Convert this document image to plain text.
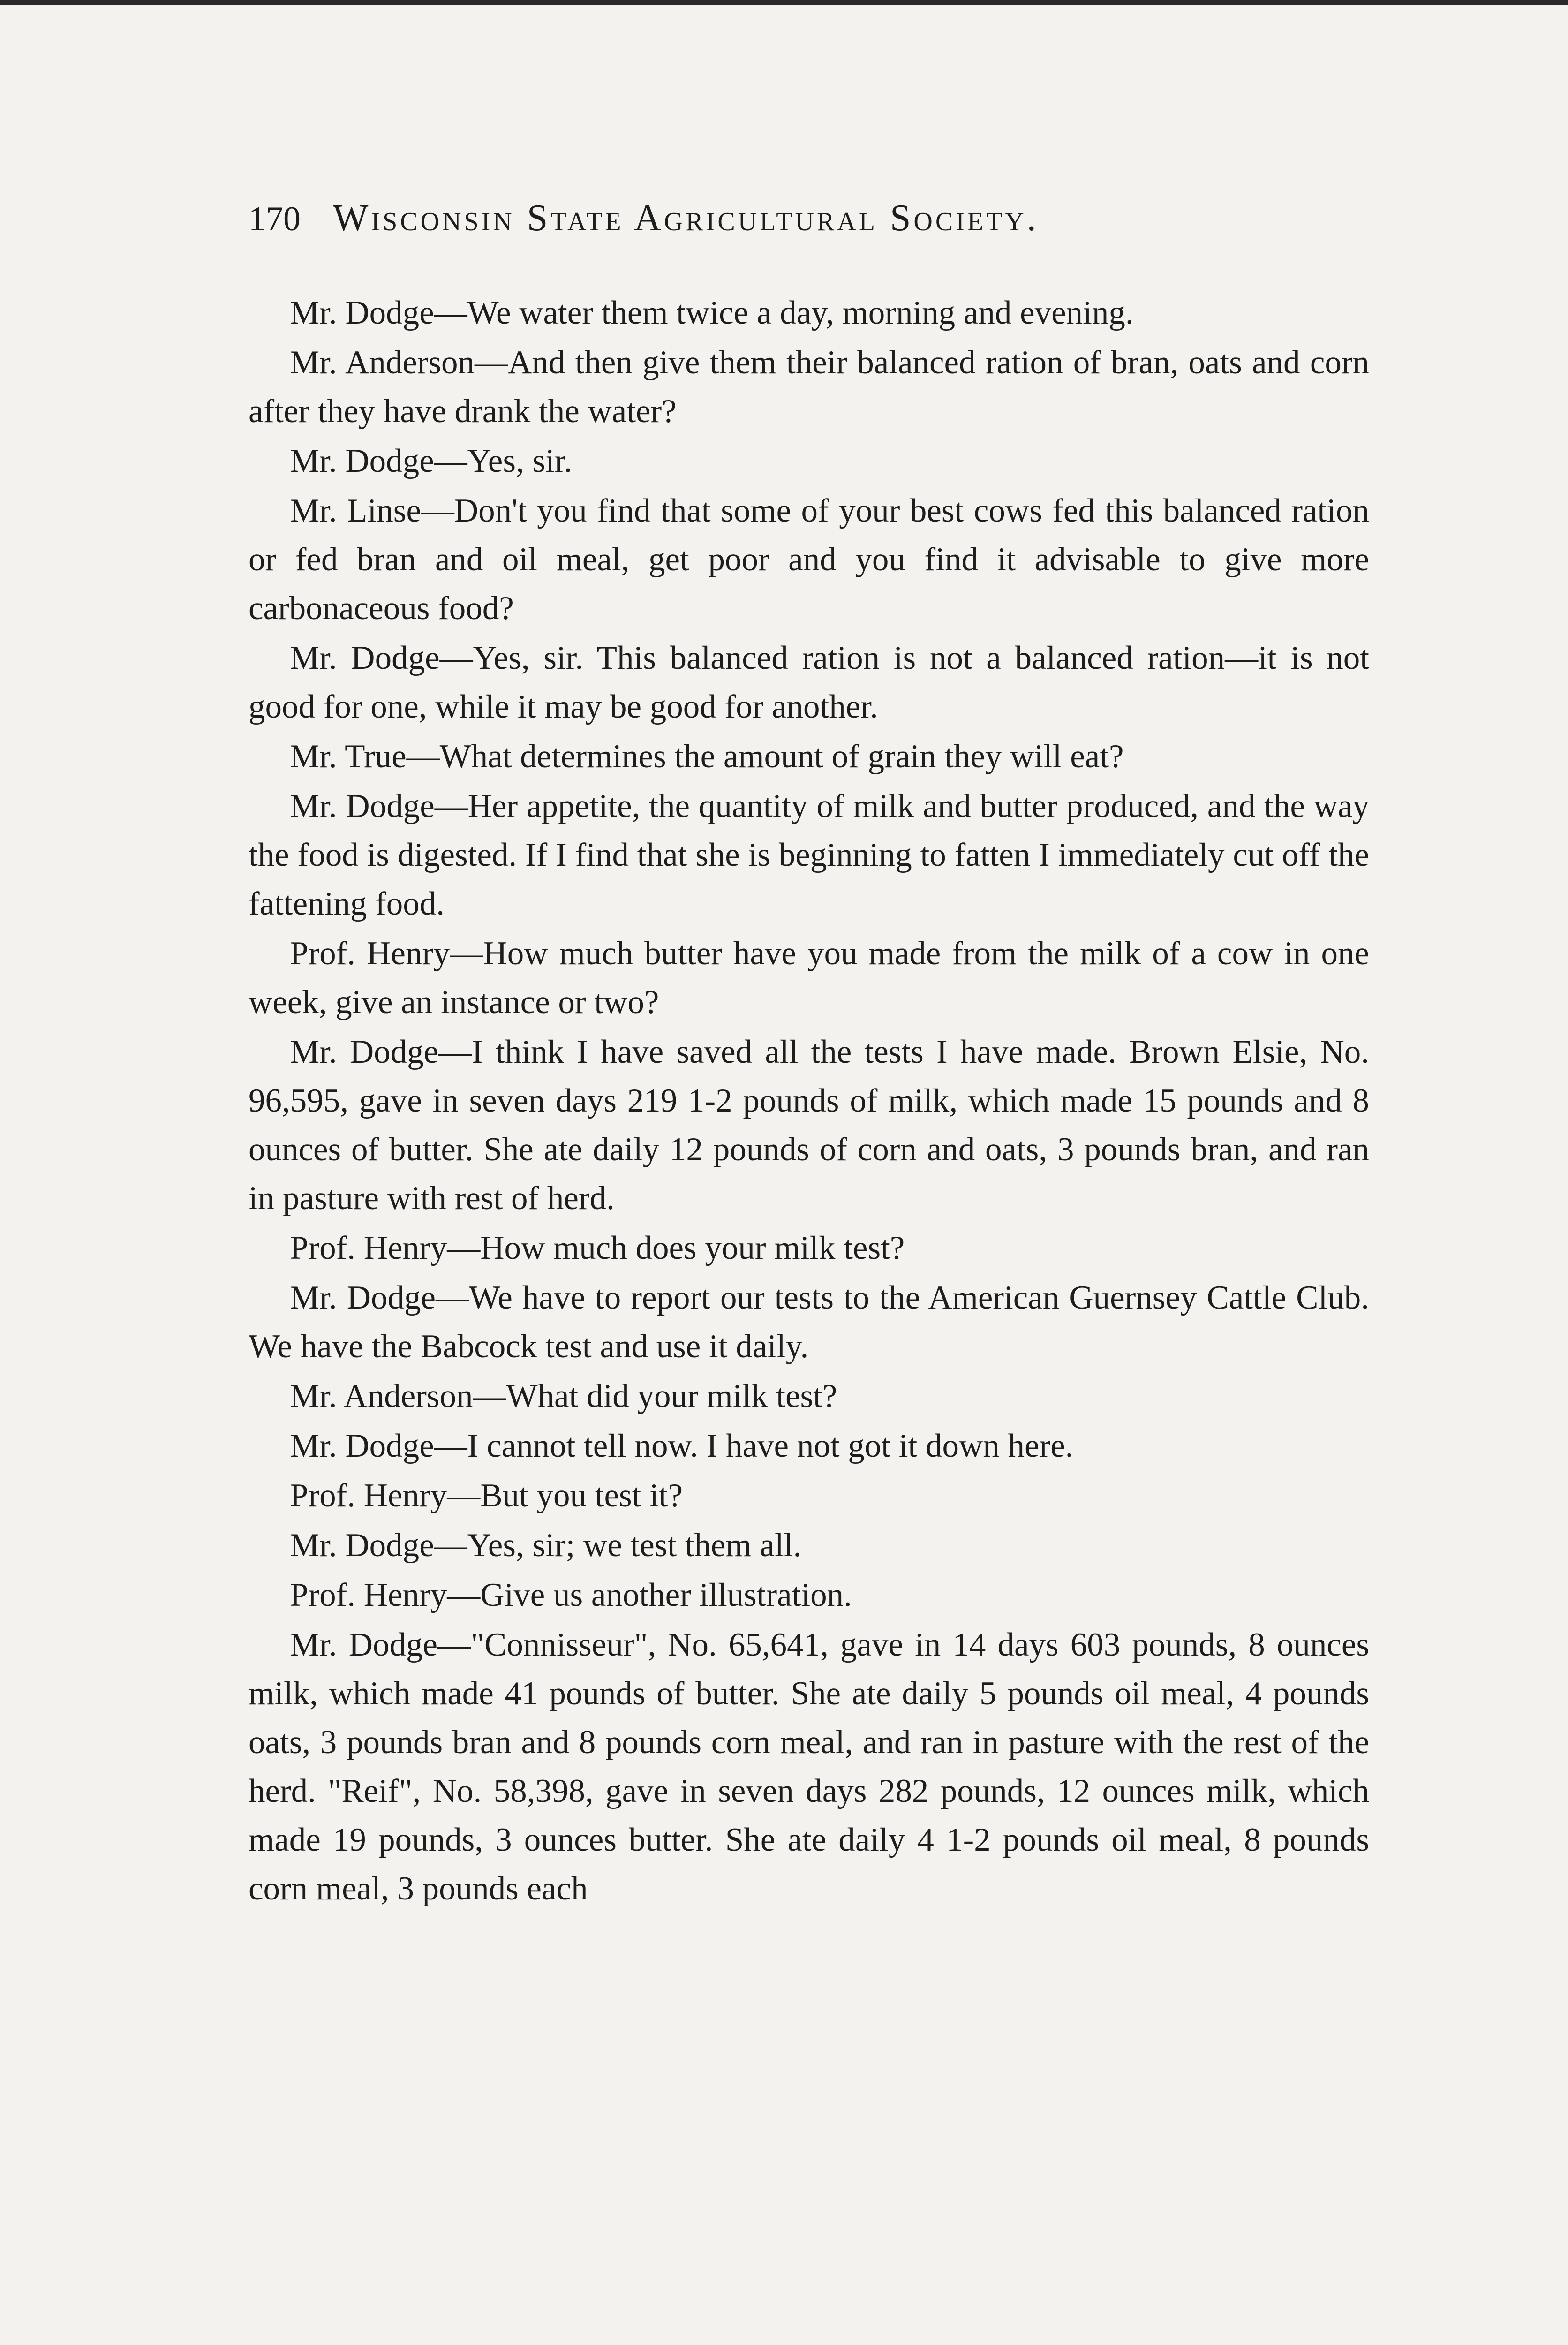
170 Wisconsin State Agricultural Society.

Mr. Dodge—We water them twice a day, morning and evening.

Mr. Anderson—And then give them their balanced ration of bran, oats and corn after they have drank the water?

Mr. Dodge—Yes, sir.

Mr. Linse—Don't you find that some of your best cows fed this balanced ration or fed bran and oil meal, get poor and you find it advisable to give more carbonaceous food?

Mr. Dodge—Yes, sir. This balanced ration is not a balanced ration—it is not good for one, while it may be good for another.

Mr. True—What determines the amount of grain they will eat?

Mr. Dodge—Her appetite, the quantity of milk and butter produced, and the way the food is digested. If I find that she is beginning to fatten I immediately cut off the fattening food.

Prof. Henry—How much butter have you made from the milk of a cow in one week, give an instance or two?

Mr. Dodge—I think I have saved all the tests I have made. Brown Elsie, No. 96,595, gave in seven days 219 1-2 pounds of milk, which made 15 pounds and 8 ounces of butter. She ate daily 12 pounds of corn and oats, 3 pounds bran, and ran in pasture with rest of herd.

Prof. Henry—How much does your milk test?

Mr. Dodge—We have to report our tests to the American Guernsey Cattle Club. We have the Babcock test and use it daily.

Mr. Anderson—What did your milk test?

Mr. Dodge—I cannot tell now. I have not got it down here.

Prof. Henry—But you test it?

Mr. Dodge—Yes, sir; we test them all.

Prof. Henry—Give us another illustration.

Mr. Dodge—"Connisseur", No. 65,641, gave in 14 days 603 pounds, 8 ounces milk, which made 41 pounds of butter. She ate daily 5 pounds oil meal, 4 pounds oats, 3 pounds bran and 8 pounds corn meal, and ran in pasture with the rest of the herd. "Reif", No. 58,398, gave in seven days 282 pounds, 12 ounces milk, which made 19 pounds, 3 ounces butter. She ate daily 4 1-2 pounds oil meal, 8 pounds corn meal, 3 pounds each
